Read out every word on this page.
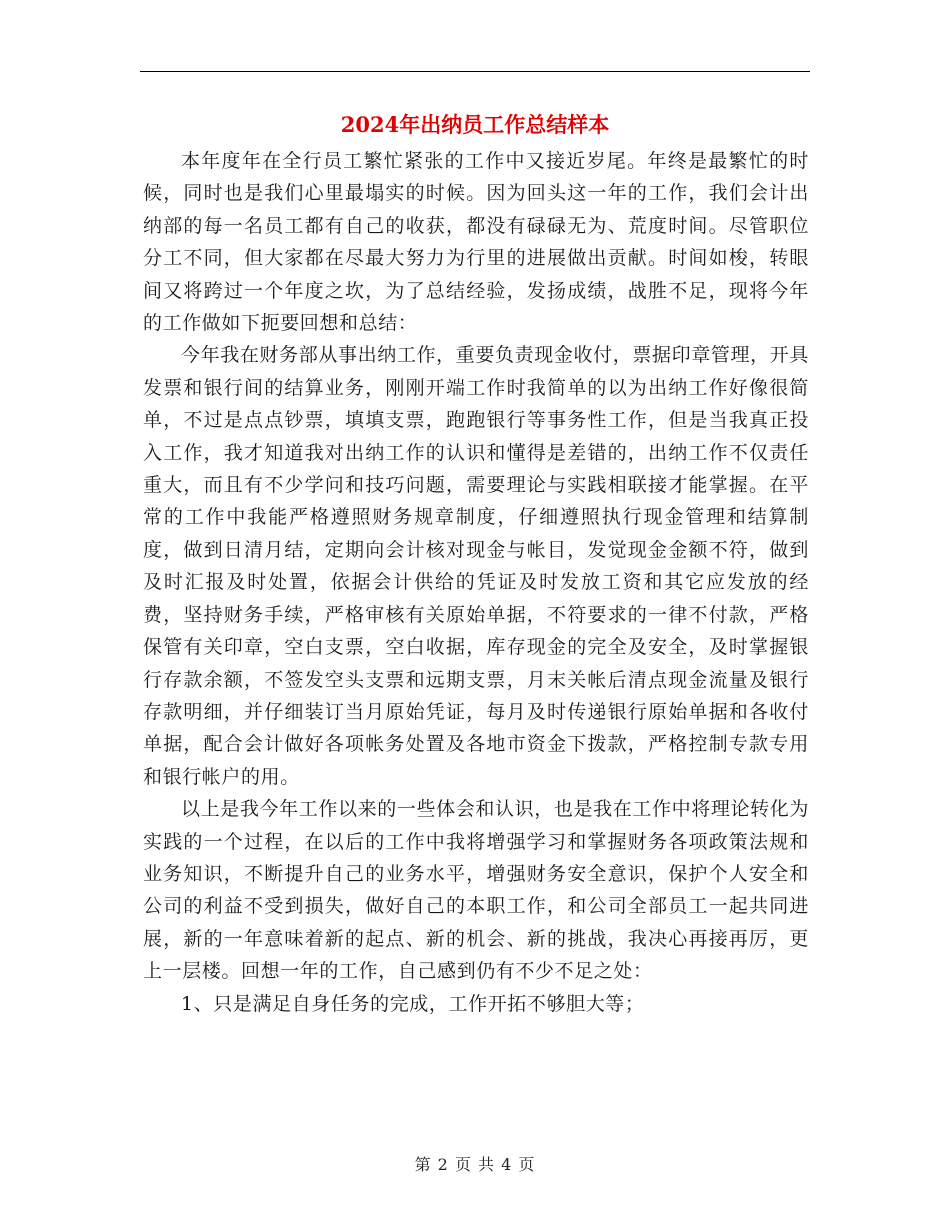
2024年出纳员工作总结样本

本年度年在全行员工繁忙紧张的工作中又接近岁尾。年终是最繁忙的时候，同时也是我们心里最塌实的时候。因为回头这一年的工作，我们会计出纳部的每一名员工都有自己的收获，都没有碌碌无为、荒度时间。尽管职位分工不同，但大家都在尽最大努力为行里的进展做出贡献。时间如梭，转眼间又将跨过一个年度之坎，为了总结经验，发扬成绩，战胜不足，现将今年的工作做如下扼要回想和总结：

今年我在财务部从事出纳工作，重要负责现金收付，票据印章管理，开具发票和银行间的结算业务，刚刚开端工作时我简单的以为出纳工作好像很简单，不过是点点钞票，填填支票，跑跑银行等事务性工作，但是当我真正投入工作，我才知道我对出纳工作的认识和懂得是差错的，出纳工作不仅责任重大，而且有不少学问和技巧问题，需要理论与实践相联接才能掌握。在平常的工作中我能严格遵照财务规章制度，仔细遵照执行现金管理和结算制度，做到日清月结，定期向会计核对现金与帐目，发觉现金金额不符，做到及时汇报及时处置，依据会计供给的凭证及时发放工资和其它应发放的经费，坚持财务手续，严格审核有关原始单据，不符要求的一律不付款，严格保管有关印章，空白支票，空白收据，库存现金的完全及安全，及时掌握银行存款余额，不签发空头支票和远期支票，月末关帐后清点现金流量及银行存款明细，并仔细装订当月原始凭证，每月及时传递银行原始单据和各收付单据，配合会计做好各项帐务处置及各地市资金下拨款，严格控制专款专用和银行帐户的用。

以上是我今年工作以来的一些体会和认识，也是我在工作中将理论转化为实践的一个过程，在以后的工作中我将增强学习和掌握财务各项政策法规和业务知识，不断提升自己的业务水平，增强财务安全意识，保护个人安全和公司的利益不受到损失，做好自己的本职工作，和公司全部员工一起共同进展，新的一年意味着新的起点、新的机会、新的挑战，我决心再接再厉，更上一层楼。回想一年的工作，自己感到仍有不少不足之处：

1、只是满足自身任务的完成，工作开拓不够胆大等；

第 2 页 共 4 页
